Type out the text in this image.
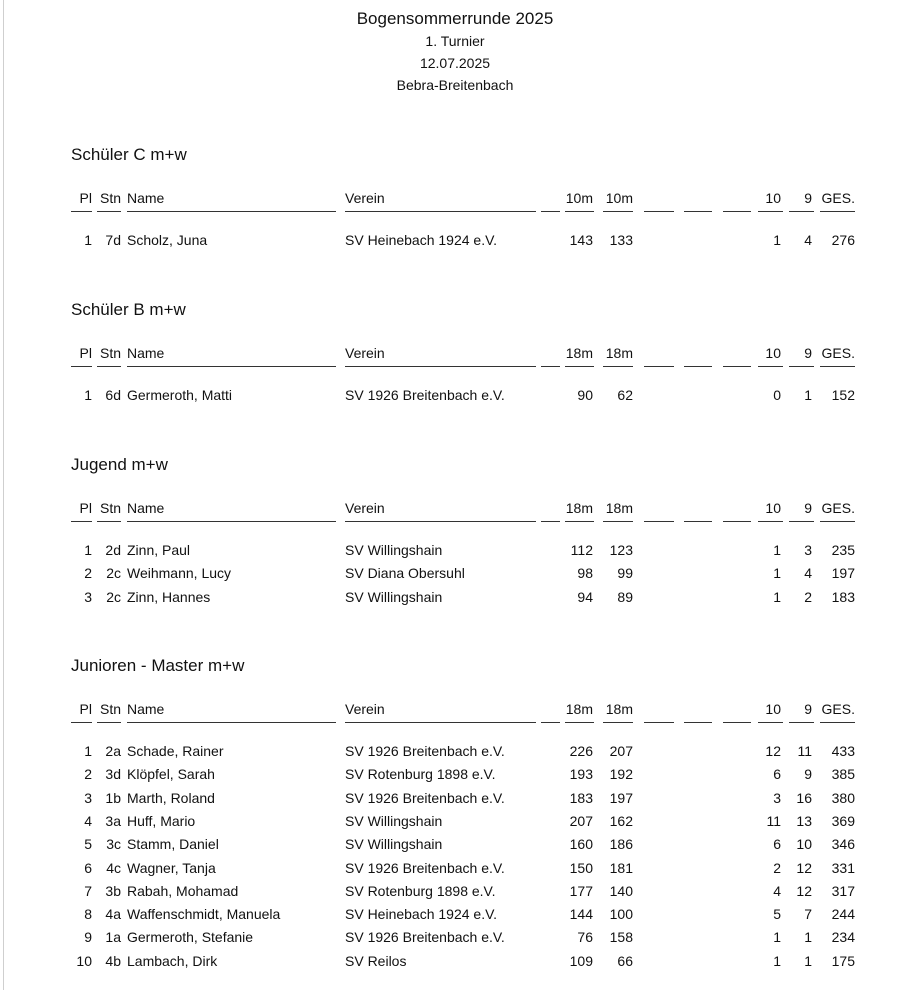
Bogensommerrunde 2025
1. Turnier
12.07.2025
Bebra-Breitenbach
Schüler C m+w
Pl Stn Name	Verein	10m 10m	10	9 GES.
1 7d Scholz, Juna	SV Heinebach 1924 e.V.	143	133	1	4	276
Schüler B m+w
Pl Stn Name	Verein	18m 18m	10	9 GES.
1 6d Germeroth, Matti	SV 1926 Breitenbach e.V.	90	62	0	1	152
Jugend m+w
Pl Stn Name	Verein	18m 18m	10	9 GES.
1 2d Zinn, Paul	SV Willingshain	112	123	1	3	235
2	2c Weihmann, Lucy	SV Diana Obersuhl	98	99	1	4	197
3	2c Zinn, Hannes	SV Willingshain	94	89	1	2	183
Junioren - Master m+w
Pl Stn Name	Verein	18m 18m	10	9 GES.
1 2a Schade, Rainer	SV 1926 Breitenbach e.V.	226	207	12	11	433
2 3d Klöpfel, Sarah	SV Rotenburg 1898 e.V.	193	192	6	9	385
3 1b Marth, Roland	SV 1926 Breitenbach e.V.	183	197	3	16	380
4 3a Huff, Mario	SV Willingshain	207	162	11	13	369
5	3c Stamm, Daniel	SV Willingshain	160	186	6	10	346
6	4c Wagner, Tanja	SV 1926 Breitenbach e.V.	150	181	2	12	331
7 3b Rabah, Mohamad	SV Rotenburg 1898 e.V.	177	140	4	12	317
8 4a Waffenschmidt, Manuela	SV Heinebach 1924 e.V.	144	100	5	7	244
9 1a Germeroth, Stefanie	SV 1926 Breitenbach e.V.	76	158	1	1	234
10 4b Lambach, Dirk	SV Reilos	109	66	1	1	175
